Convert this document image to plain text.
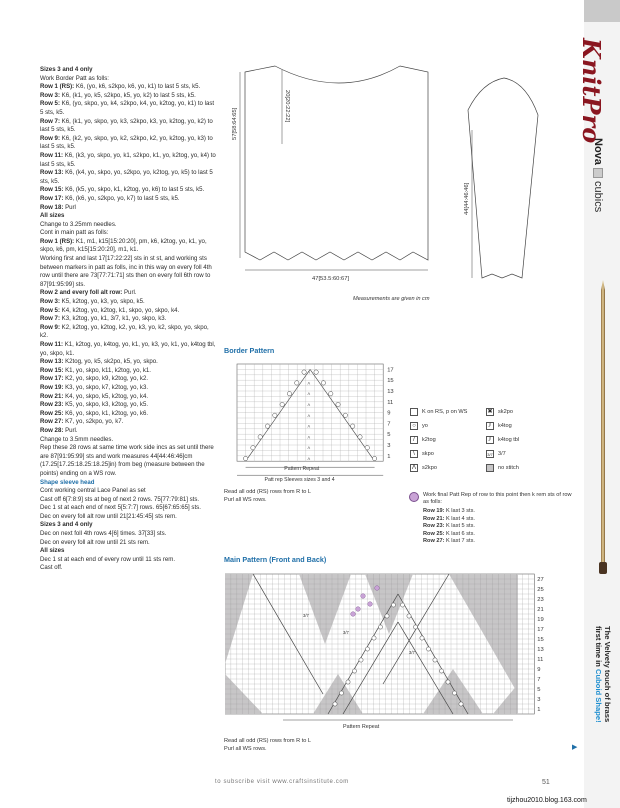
Sizes 3 and 4 only

Work Border Patt as folls:

Row 1 (RS): K6, (yo, k6, s2kpo, k6, yo, k1) to last 5 sts, k5.

Row 3: K6, (k1, yo, k5, s2kpo, k5, yo, k2) to last 5 sts, k5.

Row 5: K6, (yo, skpo, yo, k4, s2kpo, k4, yo, k2tog, yo, k1) to last 5 sts, k5.

Row 7: K6, (k1, yo, skpo, yo, k3, s2kpo, k3, yo, k2tog, yo, k2) to last 5 sts, k5.

Row 9: K6, (k2, yo, skpo, yo, k2, s2kpo, k2, yo, k2tog, yo, k3) to last 5 sts, k5.

Row 11: K6, (k3, yo, skpo, yo, k1, s2kpo, k1, yo, k2tog, yo, k4) to last 5 sts, k5.

Row 13: K6, (k4, yo, skpo, yo, s2kpo, yo, k2tog, yo, k5) to last 5 sts, k5.

Row 15: K6, (k5, yo, skpo, k1, k2tog, yo, k6) to last 5 sts, k5.

Row 17: K6, (k6, yo, s2kpo, yo, k7) to last 5 sts, k5.

Row 18: Purl

All sizes

Change to 3.25mm needles.

Cont in main patt as folls:

Row 1 (RS): K1, m1, k15[15:20:20], pm, k6, k2tog, yo, k1, yo, skpo, k6, pm, k15[15:20:20], m1, k1.

Working first and last 17[17:22:22] sts in st st, and working sts between markers in patt as folls, inc in this way on every foll 4th row until there are 73[77:71:71] sts then on every foll 6th row to 87[91:95:99] sts.

Row 2 and every foll alt row: Purl.

Row 3: K5, k2tog, yo, k3, yo, skpo, k5.

Row 5: K4, k2tog, yo, k2tog, k1, skpo, yo, skpo, k4.

Row 7: K3, k2tog, yo, k1, 3/7, k1, yo, skpo, k3.

Row 9: K2, k2tog, yo, k2tog, k2, yo, k3, yo, k2, skpo, yo, skpo, k2.

Row 11: K1, k2tog, yo, k4tog, yo, k1, yo, k3, yo, k1, yo, k4tog tbl, yo, skpo, k1.

Row 13: K2tog, yo, k5, sk2po, k5, yo, skpo.

Row 15: K1, yo, skpo, k11, k2tog, yo, k1.

Row 17: K2, yo, skpo, k9, k2tog, yo, k2.

Row 19: K3, yo, skpo, k7, k2tog, yo, k3.

Row 21: K4, yo, skpo, k5, k2tog, yo, k4.

Row 23: K5, yo, skpo, k3, k2tog, yo, k5.

Row 25: K6, yo, skpo, k1, k2tog, yo, k6.

Row 27: K7, yo, s2kpo, yo, k7.

Row 28: Purl.

Change to 3.5mm needles.

Rep these 28 rows at same time work side incs as set until there are 87[91:95:99] sts and work measures 44[44:46:46]cm (17.25[17.25:18.25:18.25]in) from beg (measure between the points) ending on a WS row.

Shape sleeve head

Cont working central Lace Panel as set

Cast off 6[7:8:9] sts at beg of next 2 rows. 75[77:79:81] sts.

Dec 1 st at each end of next 5[5:7:7] rows. 65[67:65:65] sts.

Dec on every foll alt row until 21[21:45:45] sts rem.

Sizes 3 and 4 only

Dec on next foll 4th rows 4[6] times. 37[33] sts.

Dec on every foll alt row until 21 sts rem.

All sizes

Dec 1 st at each end of every row until 11 sts rem.

Cast off.

20[20:22:22]
57[58:64:65]
44[44:46:46]
47[53.5:60:67]
Measurements are given in cm
Border Pattern
Λ
Λ
Λ
Λ
Λ
Λ
Λ
Λ
Λ	17
15
13
11
9
7
5
3
1
Pattern Repeat
Patt rep Sleeves sizes 3 and 4
Read all odd (RS) rows from R to L
Purl all WS rows.
K on RS, p on WS
○	yo
/	k2tog
\	skpo
Λ	s2kpo
✖ sk2po
⫽	k4tog
⫽	k4tog tbl
3/7 3/7
no stitch
Work final Patt Rep of row to this point then k rem sts of row as folls:
Row 19: K last 3 sts.
Row 21: K last 4 sts.
Row 23: K last 5 sts.
Row 25: K last 6 sts.
Row 27: K last 7 sts.
Main Pattern (Front and Back)
3/7
3/7
3/7
27
25
23
21
19
17
15
13
11
9
7
5
3
1
Pattern Repeat
Read all odd (RS) rows from R to L
Purl all WS rows.	▶
KnitPro
Nova  cubics
The Velvety touch of brass
first time in Cuboid Shape!
to subscribe visit www.craftsinstitute.com	51
tijzhou2010.blog.163.com
